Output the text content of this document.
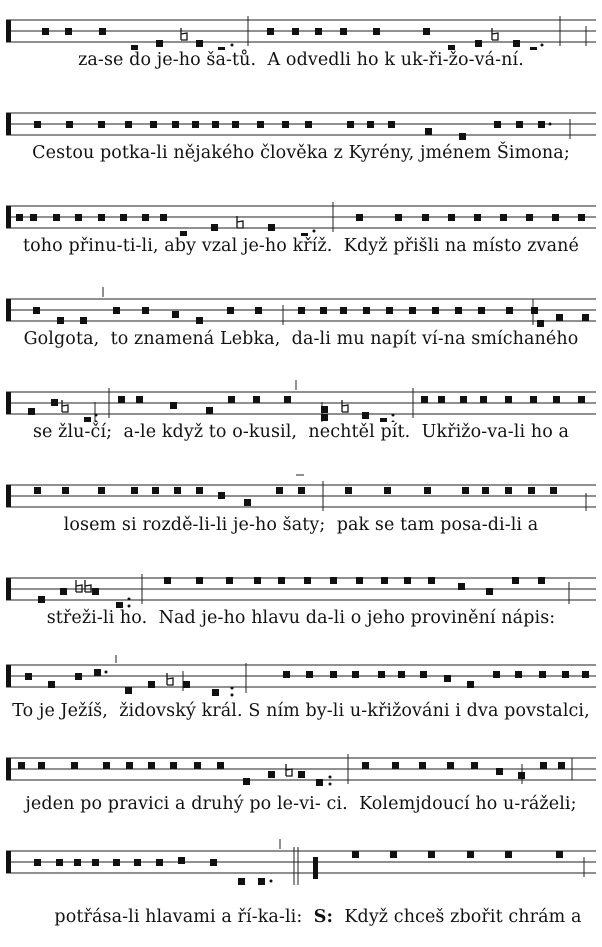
za-se do je-ho ša-tů.  A odvedli ho k uk-ři-žo-vá-ní.
Cestou potka-li nějakého člověka z Kyrény, jménem Šimona;
toho přinu-ti-li, aby vzal je-ho kříž.  Když přišli na místo zvané
Golgota,  to znamená Lebka,  da-li mu napít ví-na smíchaného
se žlu-čí;  a-le když to o-kusil,  nechtěl pít.  Ukřižo-va-li ho a
losem si rozdě-li-li je-ho šaty;  pak se tam posa-di-li a
střeži-li ho.  Nad je-ho hlavu da-li o jeho provinění nápis:
To je Ježíš,  židovský král. S ním by-li u-křižováni i dva povstalci,
jeden po pravici a druhý po le-vi- ci.  Kolemjdoucí ho u-ráželi;

potřása-li hlavami a ří-ka-li: S: Když chceš zbořit chrám a
